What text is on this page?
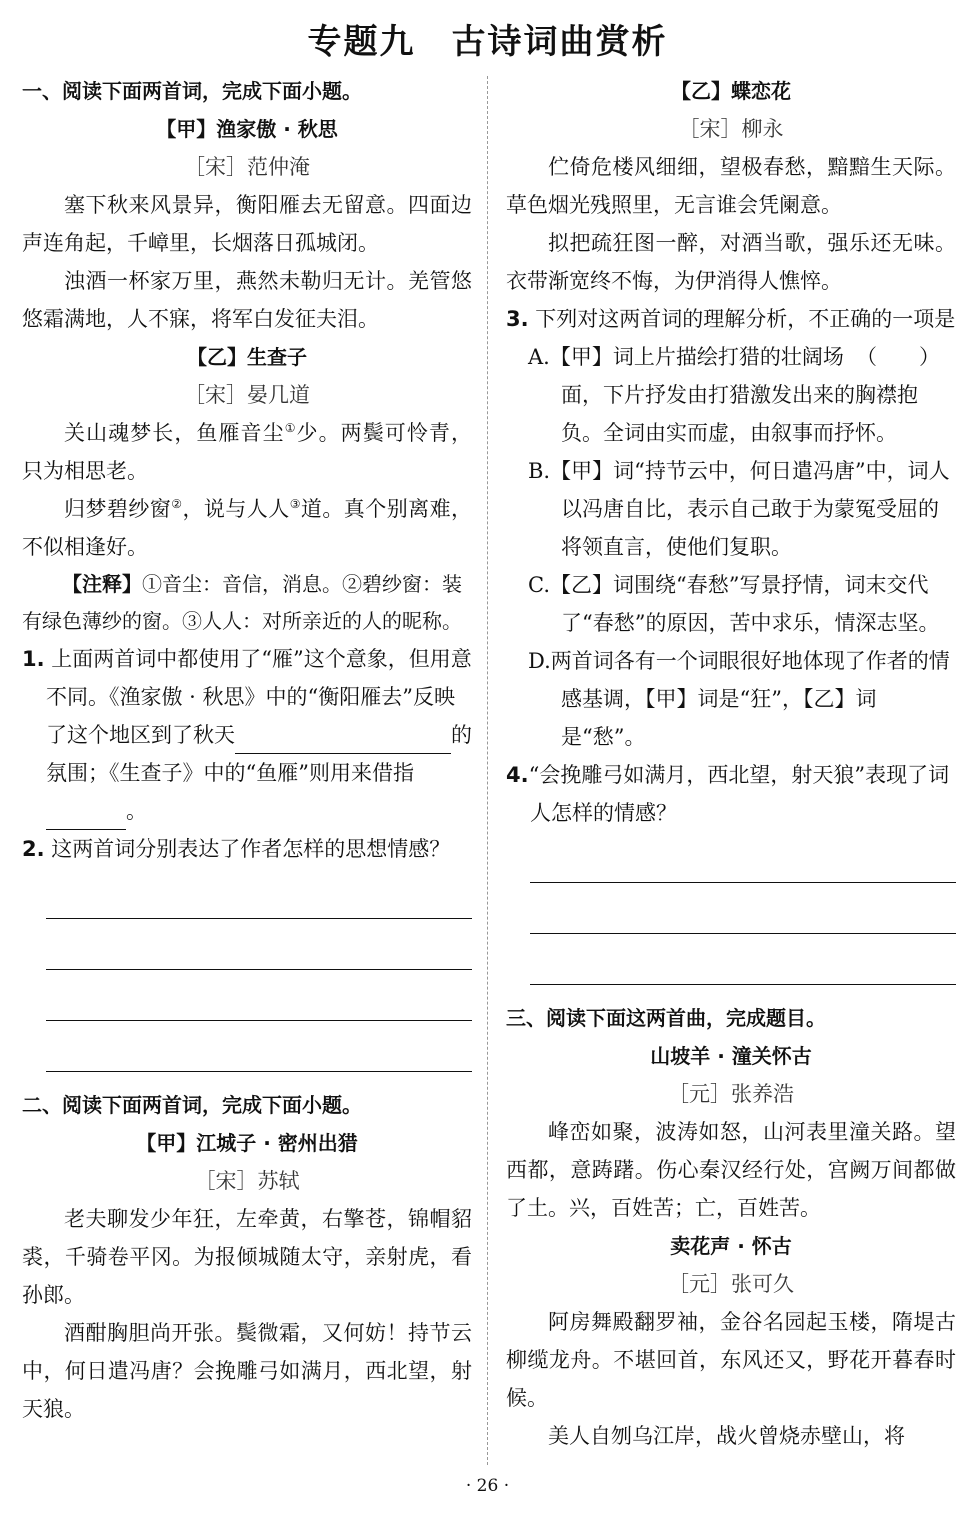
专题九　古诗词曲赏析
一、阅读下面两首词，完成下面小题。
【甲】渔家傲 · 秋思
［宋］范仲淹
塞下秋来风景异，衡阳雁去无留意。四面边声连角起，千嶂里，长烟落日孤城闭。
浊酒一杯家万里，燕然未勒归无计。羌管悠悠霜满地，人不寐，将军白发征夫泪。
【乙】生查子
［宋］晏几道
关山魂梦长，鱼雁音尘①少。两鬓可怜青，只为相思老。
归梦碧纱窗②，说与人人③道。真个别离难，不似相逢好。
【注释】①音尘：音信，消息。②碧纱窗：装有绿色薄纱的窗。③人人：对所亲近的人的昵称。
1. 上面两首词中都使用了“雁”这个意象，但用意不同。《渔家傲 · 秋思》中的“衡阳雁去”反映了这个地区到了秋天	的氛围；《生查子》中的“鱼雁”则用来借指。
2. 这两首词分别表达了作者怎样的思想情感？
二、阅读下面两首词，完成下面小题。
【甲】江城子 · 密州出猎
［宋］苏轼
老夫聊发少年狂，左牵黄，右擎苍，锦帽貂裘，千骑卷平冈。为报倾城随太守，亲射虎，看孙郎。
酒酣胸胆尚开张。鬓微霜，又何妨！持节云中，何日遣冯唐？会挽雕弓如满月，西北望，射天狼。
【乙】蝶恋花
［宋］柳永
伫倚危楼风细细，望极春愁，黯黯生天际。草色烟光残照里，无言谁会凭阑意。
拟把疏狂图一醉，对酒当歌，强乐还无味。衣带渐宽终不悔，为伊消得人憔悴。
3. 下列对这两首词的理解分析，不正确的一项是
（　　）
A.【甲】词上片描绘打猎的壮阔场面，下片抒发由打猎激发出来的胸襟抱负。全词由实而虚，由叙事而抒怀。
B.【甲】词“持节云中，何日遣冯唐”中，词人以冯唐自比，表示自己敢于为蒙冤受屈的将领直言，使他们复职。
C.【乙】词围绕“春愁”写景抒情，词末交代了“春愁”的原因，苦中求乐，情深志坚。
D.两首词各有一个词眼很好地体现了作者的情感基调，【甲】词是“狂”，【乙】词是“愁”。
4.“会挽雕弓如满月，西北望，射天狼”表现了词人怎样的情感？
三、阅读下面这两首曲，完成题目。
山坡羊 · 潼关怀古
［元］张养浩
峰峦如聚，波涛如怒，山河表里潼关路。望西都，意踌躇。伤心秦汉经行处，宫阙万间都做了土。兴，百姓苦；亡，百姓苦。
卖花声 · 怀古
［元］张可久
阿房舞殿翻罗袖，金谷名园起玉楼，隋堤古柳缆龙舟。不堪回首，东风还又，野花开暮春时候。
美人自刎乌江岸，战火曾烧赤壁山，将
· 26 ·
